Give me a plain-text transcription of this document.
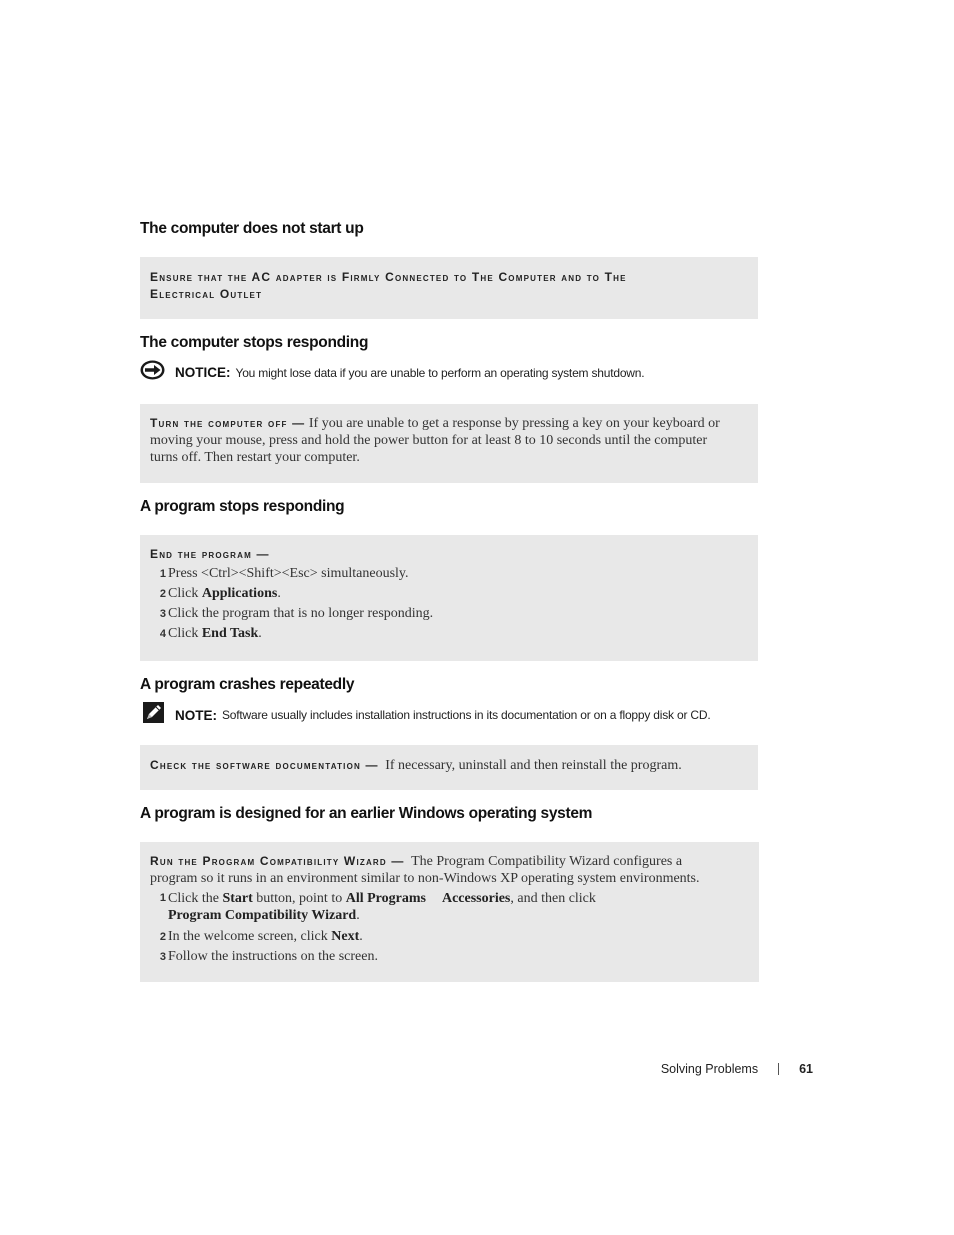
The computer does not start up
Ensure that the AC adapter is Firmly Connected to The Computer and to The
Electrical Outlet
The computer stops responding
NOTICE: You might lose data if you are unable to perform an operating system shutdown.
Turn the computer off — If you are unable to get a response by pressing a key on your keyboard or
moving your mouse, press and hold the power button for at least 8 to 10 seconds until the computer
turns off. Then restart your computer.
A program stops responding
End the program —
1 Press <Ctrl><Shift><Esc> simultaneously.
2 Click Applications.
3 Click the program that is no longer responding.
4 Click End Task.
A program crashes repeatedly
NOTE: Software usually includes installation instructions in its documentation or on a floppy disk or CD.
Check the software documentation — If necessary, uninstall and then reinstall the program.
A program is designed for an earlier Windows operating system
Run the Program Compatibility Wizard — The Program Compatibility Wizard configures a
program so it runs in an environment similar to non-Windows XP operating system environments.
1 Click the Start button, point to All Programs Accessories, and then click
Program Compatibility Wizard.
2 In the welcome screen, click Next.
3 Follow the instructions on the screen.
Solving Problems	61
